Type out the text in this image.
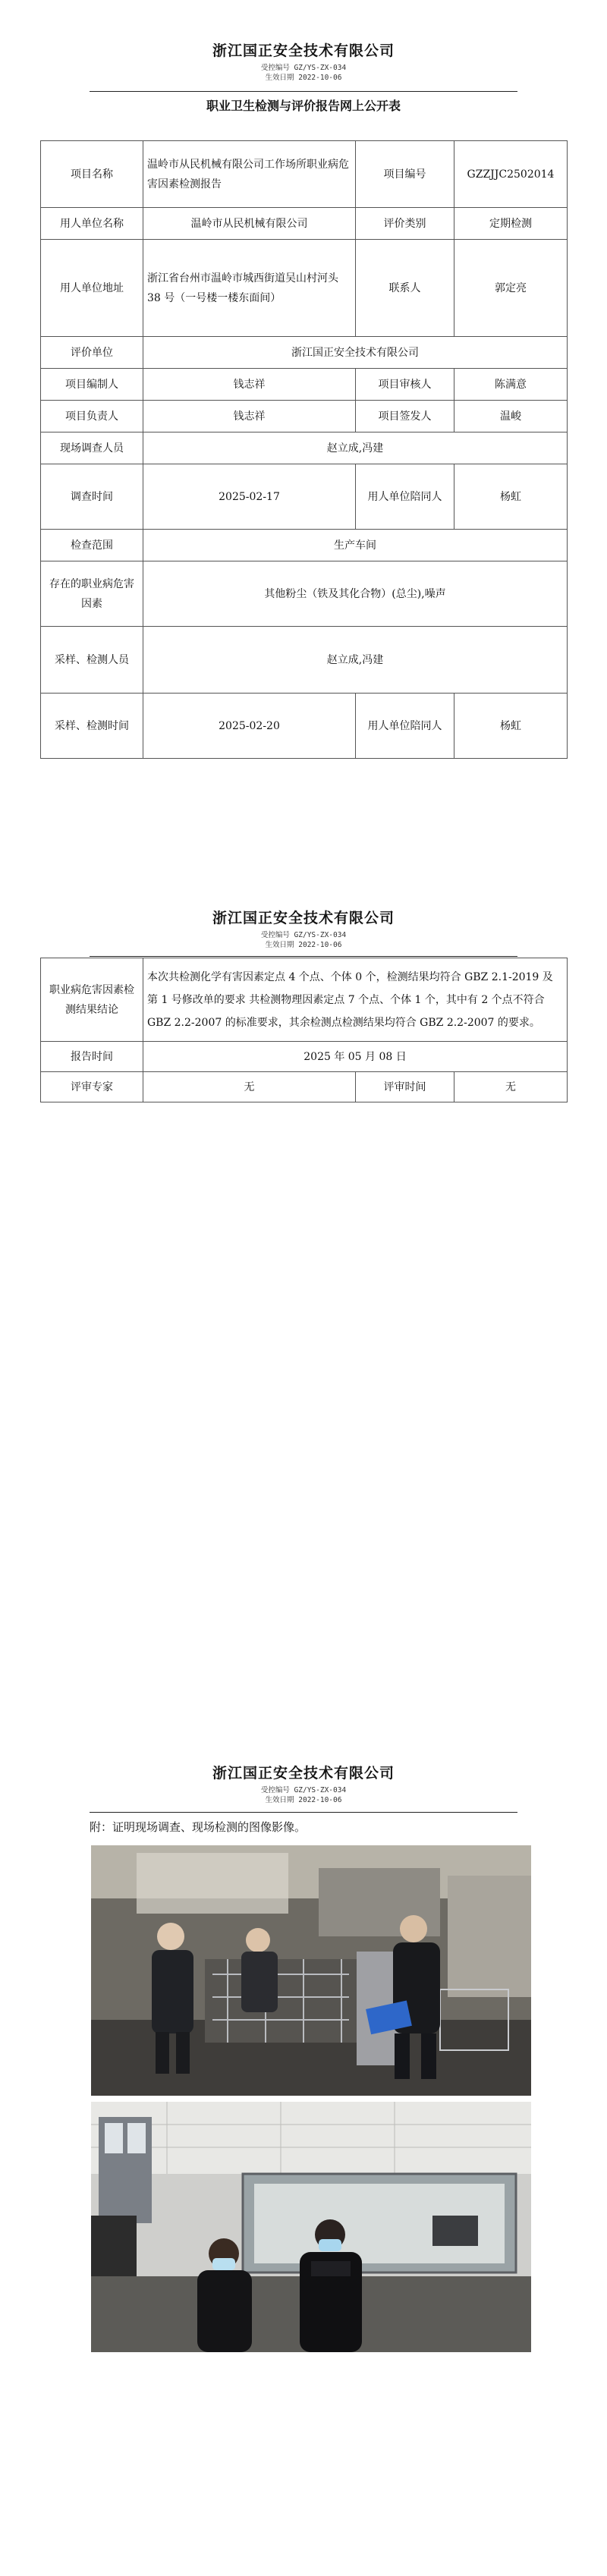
浙江国正安全技术有限公司
受控编号 GZ/YS-ZX-034
生效日期 2022-10-06
职业卫生检测与评价报告网上公开表
项目名称	温岭市从民机械有限公司工作场所职业病危害因素检测报告	项目编号	GZZJJC2502014
用人单位名称	温岭市从民机械有限公司	评价类别	定期检测
用人单位地址	浙江省台州市温岭市城西街道吴山村河头 38 号（一号楼一楼东面间）	联系人	郭定亮
评价单位	浙江国正安全技术有限公司		
项目编制人	钱志祥	项目审核人	陈满意
项目负责人	钱志祥	项目签发人	温峻
现场调查人员	赵立成,冯建		
调查时间	2025-02-17	用人单位陪同人	杨虹
检查范围	生产车间		
存在的职业病危害因素	其他粉尘（铁及其化合物）(总尘),噪声		
采样、检测人员	赵立成,冯建		
采样、检测时间	2025-02-20	用人单位陪同人	杨虹
浙江国正安全技术有限公司
受控编号 GZ/YS-ZX-034
生效日期 2022-10-06
职业病危害因素检测结果结论	本次共检测化学有害因素定点 4 个点、个体 0 个，检测结果均符合 GBZ 2.1-2019 及第 1 号修改单的要求 共检测物理因素定点 7 个点、个体 1 个，其中有 2 个点不符合 GBZ 2.2-2007 的标准要求，其余检测点检测结果均符合 GBZ 2.2-2007 的要求。		
报告时间	2025 年 05 月 08 日		
评审专家	无	评审时间	无
浙江国正安全技术有限公司
受控编号 GZ/YS-ZX-034
生效日期 2022-10-06
附：证明现场调查、现场检测的图像影像。
